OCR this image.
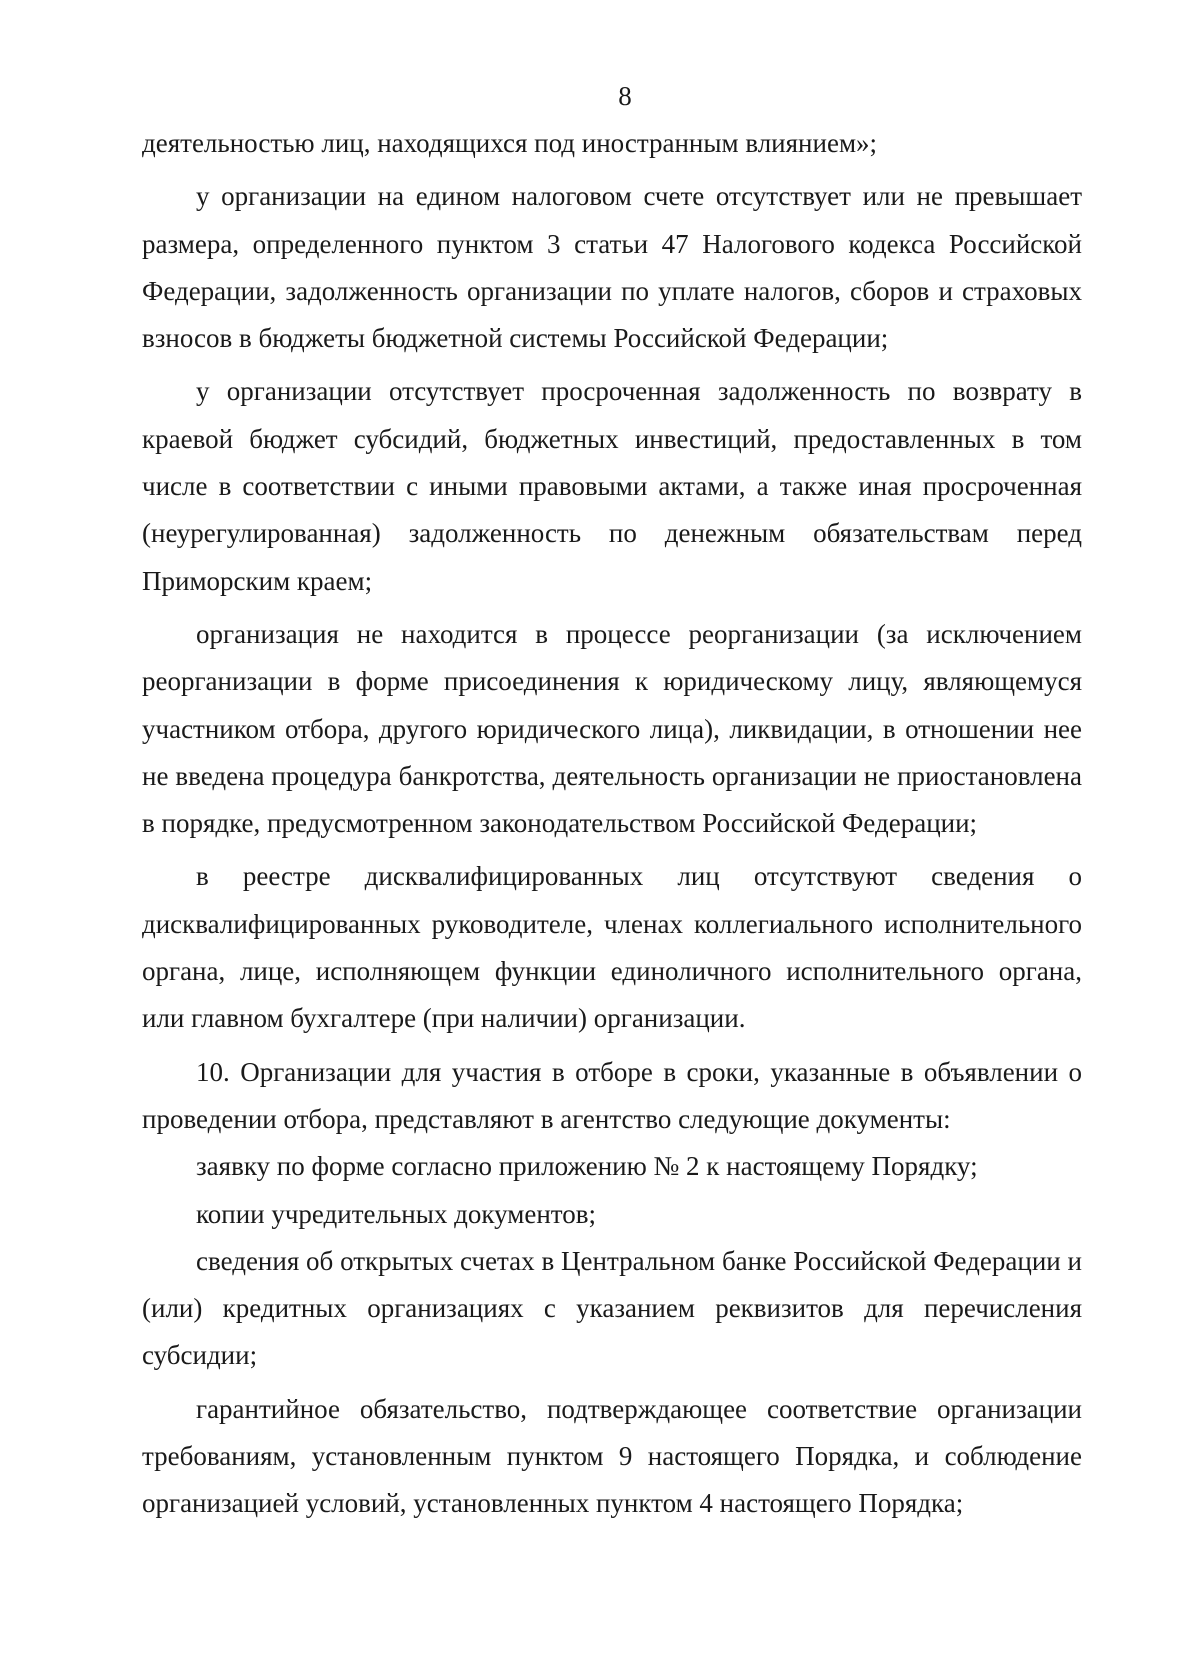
8

деятельностью лиц, находящихся под иностранным влиянием»;

у организации на едином налоговом счете отсутствует или не превышает размера, определенного пунктом 3 статьи 47 Налогового кодекса Российской Федерации, задолженность организации по уплате налогов, сборов и страховых взносов в бюджеты бюджетной системы Российской Федерации;

у организации отсутствует просроченная задолженность по возврату в краевой бюджет субсидий, бюджетных инвестиций, предоставленных в том числе в соответствии с иными правовыми актами, а также иная просроченная (неурегулированная) задолженность по денежным обязательствам перед Приморским краем;

организация не находится в процессе реорганизации (за исключением реорганизации в форме присоединения к юридическому лицу, являющемуся участником отбора, другого юридического лица), ликвидации, в отношении нее не введена процедура банкротства, деятельность организации не приостановлена в порядке, предусмотренном законодательством Российской Федерации;

в реестре дисквалифицированных лиц отсутствуют сведения о дисквалифицированных руководителе, членах коллегиального исполнительного органа, лице, исполняющем функции единоличного исполнительного органа, или главном бухгалтере (при наличии) организации.

10. Организации для участия в отборе в сроки, указанные в объявлении о проведении отбора, представляют в агентство следующие документы:

заявку по форме согласно приложению № 2 к настоящему Порядку;

копии учредительных документов;

сведения об открытых счетах в Центральном банке Российской Федерации и (или) кредитных организациях с указанием реквизитов для перечисления субсидии;

гарантийное обязательство, подтверждающее соответствие организации требованиям, установленным пунктом 9 настоящего Порядка, и соблюдение организацией условий, установленных пунктом 4 настоящего Порядка;
